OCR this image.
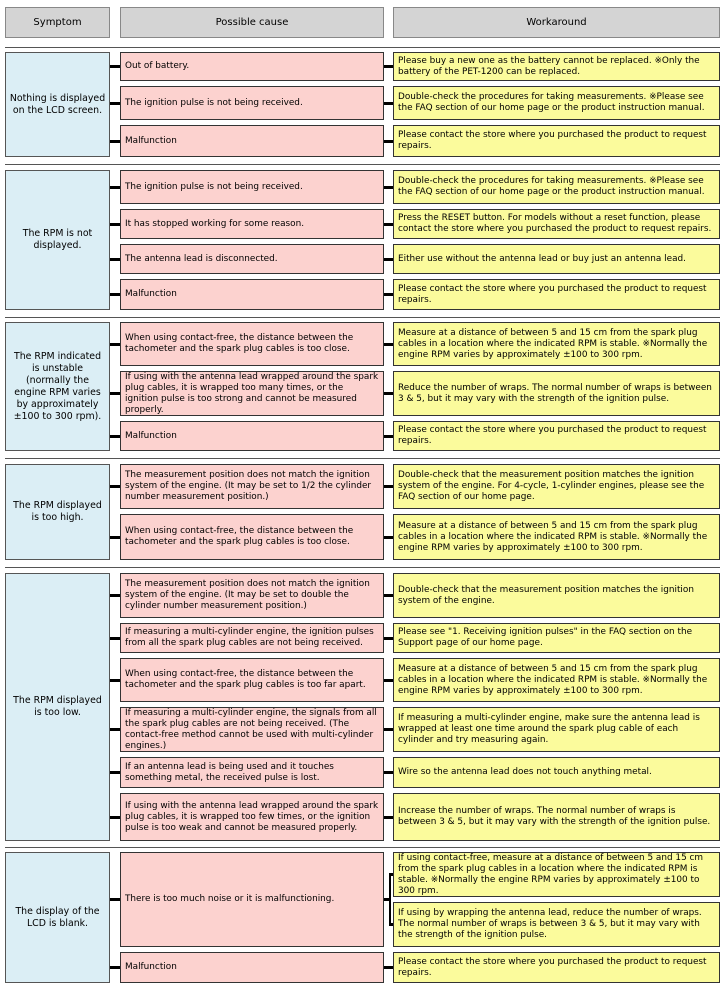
Symptom	Possible cause	Workaround
Nothing is displayed on the LCD screen.
Out of battery.
The ignition pulse is not being received.
Malfunction
Please buy a new one as the battery cannot be replaced. ※Only the battery of the PET-1200 can be replaced.
Double-check the procedures for taking measurements. ※Please see the FAQ section of our home page or the product instruction manual.
Please contact the store where you purchased the product to request repairs.
The RPM is not displayed.
The ignition pulse is not being received.
It has stopped working for some reason.
The antenna lead is disconnected.
Malfunction
Double-check the procedures for taking measurements. ※Please see the FAQ section of our home page or the product instruction manual.
Press the RESET button. For models without a reset function, please contact the store where you purchased the product to request repairs.
Either use without the antenna lead or buy just an antenna lead.
Please contact the store where you purchased the product to request repairs.
The RPM indicated is unstable (normally the engine RPM varies by approximately ±100 to 300 rpm).
When using contact-free, the distance between the tachometer and the spark plug cables is too close.
If using with the antenna lead wrapped around the spark plug cables, it is wrapped too many times, or the ignition pulse is too strong and cannot be measured properly.
Malfunction
Measure at a distance of between 5 and 15 cm from the spark plug cables in a location where the indicated RPM is stable. ※Normally the engine RPM varies by approximately ±100 to 300 rpm.
Reduce the number of wraps. The normal number of wraps is between 3 & 5, but it may vary with the strength of the ignition pulse.
Please contact the store where you purchased the product to request repairs.
The RPM displayed is too high.
The measurement position does not match the ignition system of the engine. (It may be set to 1/2 the cylinder number measurement position.)
When using contact-free, the distance between the tachometer and the spark plug cables is too close.
Double-check that the measurement position matches the ignition system of the engine. For 4-cycle, 1-cylinder engines, please see the FAQ section of our home page.
Measure at a distance of between 5 and 15 cm from the spark plug cables in a location where the indicated RPM is stable. ※Normally the engine RPM varies by approximately ±100 to 300 rpm.
The RPM displayed is too low.
The measurement position does not match the ignition system of the engine. (It may be set to double the cylinder number measurement position.)
If measuring a multi-cylinder engine, the ignition pulses from all the spark plug cables are not being received.
When using contact-free, the distance between the tachometer and the spark plug cables is too far apart.
If measuring a multi-cylinder engine, the signals from all the spark plug cables are not being received. (The contact-free method cannot be used with multi-cylinder engines.)
If an antenna lead is being used and it touches something metal, the received pulse is lost.
If using with the antenna lead wrapped around the spark plug cables, it is wrapped too few times, or the ignition pulse is too weak and cannot be measured properly.
Double-check that the measurement position matches the ignition system of the engine.
Please see "1. Receiving ignition pulses" in the FAQ section on the Support page of our home page.
Measure at a distance of between 5 and 15 cm from the spark plug cables in a location where the indicated RPM is stable. ※Normally the engine RPM varies by approximately ±100 to 300 rpm.
If measuring a multi-cylinder engine, make sure the antenna lead is wrapped at least one time around the spark plug cable of each cylinder and try measuring again.
Wire so the antenna lead does not touch anything metal.
Increase the number of wraps. The normal number of wraps is between 3 & 5, but it may vary with the strength of the ignition pulse.
The display of the LCD is blank.
There is too much noise or it is malfunctioning.
Malfunction
If using contact-free, measure at a distance of between 5 and 15 cm from the spark plug cables in a location where the indicated RPM is stable. ※Normally the engine RPM varies by approximately ±100 to 300 rpm.
If using by wrapping the antenna lead, reduce the number of wraps. The normal number of wraps is between 3 & 5, but it may vary with the strength of the ignition pulse.
Please contact the store where you purchased the product to request repairs.
